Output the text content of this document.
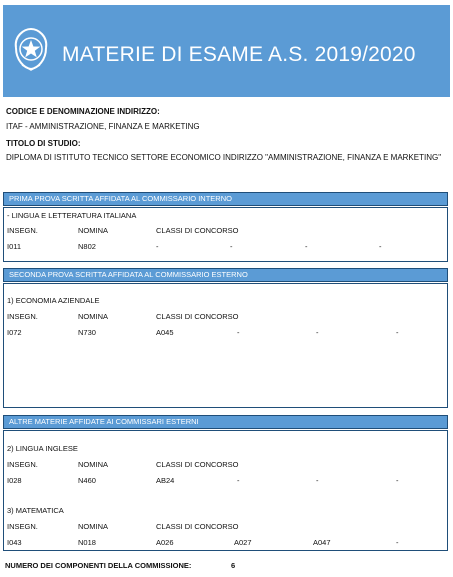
MATERIE DI ESAME A.S. 2019/2020
CODICE E DENOMINAZIONE INDIRIZZO:
ITAF - AMMINISTRAZIONE, FINANZA E MARKETING
TITOLO DI STUDIO:
DIPLOMA DI ISTITUTO TECNICO SETTORE ECONOMICO INDIRIZZO "AMMINISTRAZIONE, FINANZA E MARKETING"
PRIMA PROVA SCRITTA AFFIDATA AL COMMISSARIO INTERNO
- LINGUA E LETTERATURA ITALIANA
INSEGN.	NOMINA	CLASSI DI CONCORSO
I011	N802	-	-	-	-
SECONDA PROVA SCRITTA AFFIDATA AL COMMISSARIO ESTERNO
1) ECONOMIA AZIENDALE
INSEGN.	NOMINA	CLASSI DI CONCORSO
I072	N730	A045	-	-	-
ALTRE MATERIE AFFIDATE AI COMMISSARI ESTERNI
2) LINGUA INGLESE
INSEGN.	NOMINA	CLASSI DI CONCORSO
I028	N460	AB24	-	-	-
3) MATEMATICA
INSEGN.	NOMINA	CLASSI DI CONCORSO
I043	N018	A026	A027	A047	-
NUMERO DEI COMPONENTI DELLA COMMISSIONE:	6
